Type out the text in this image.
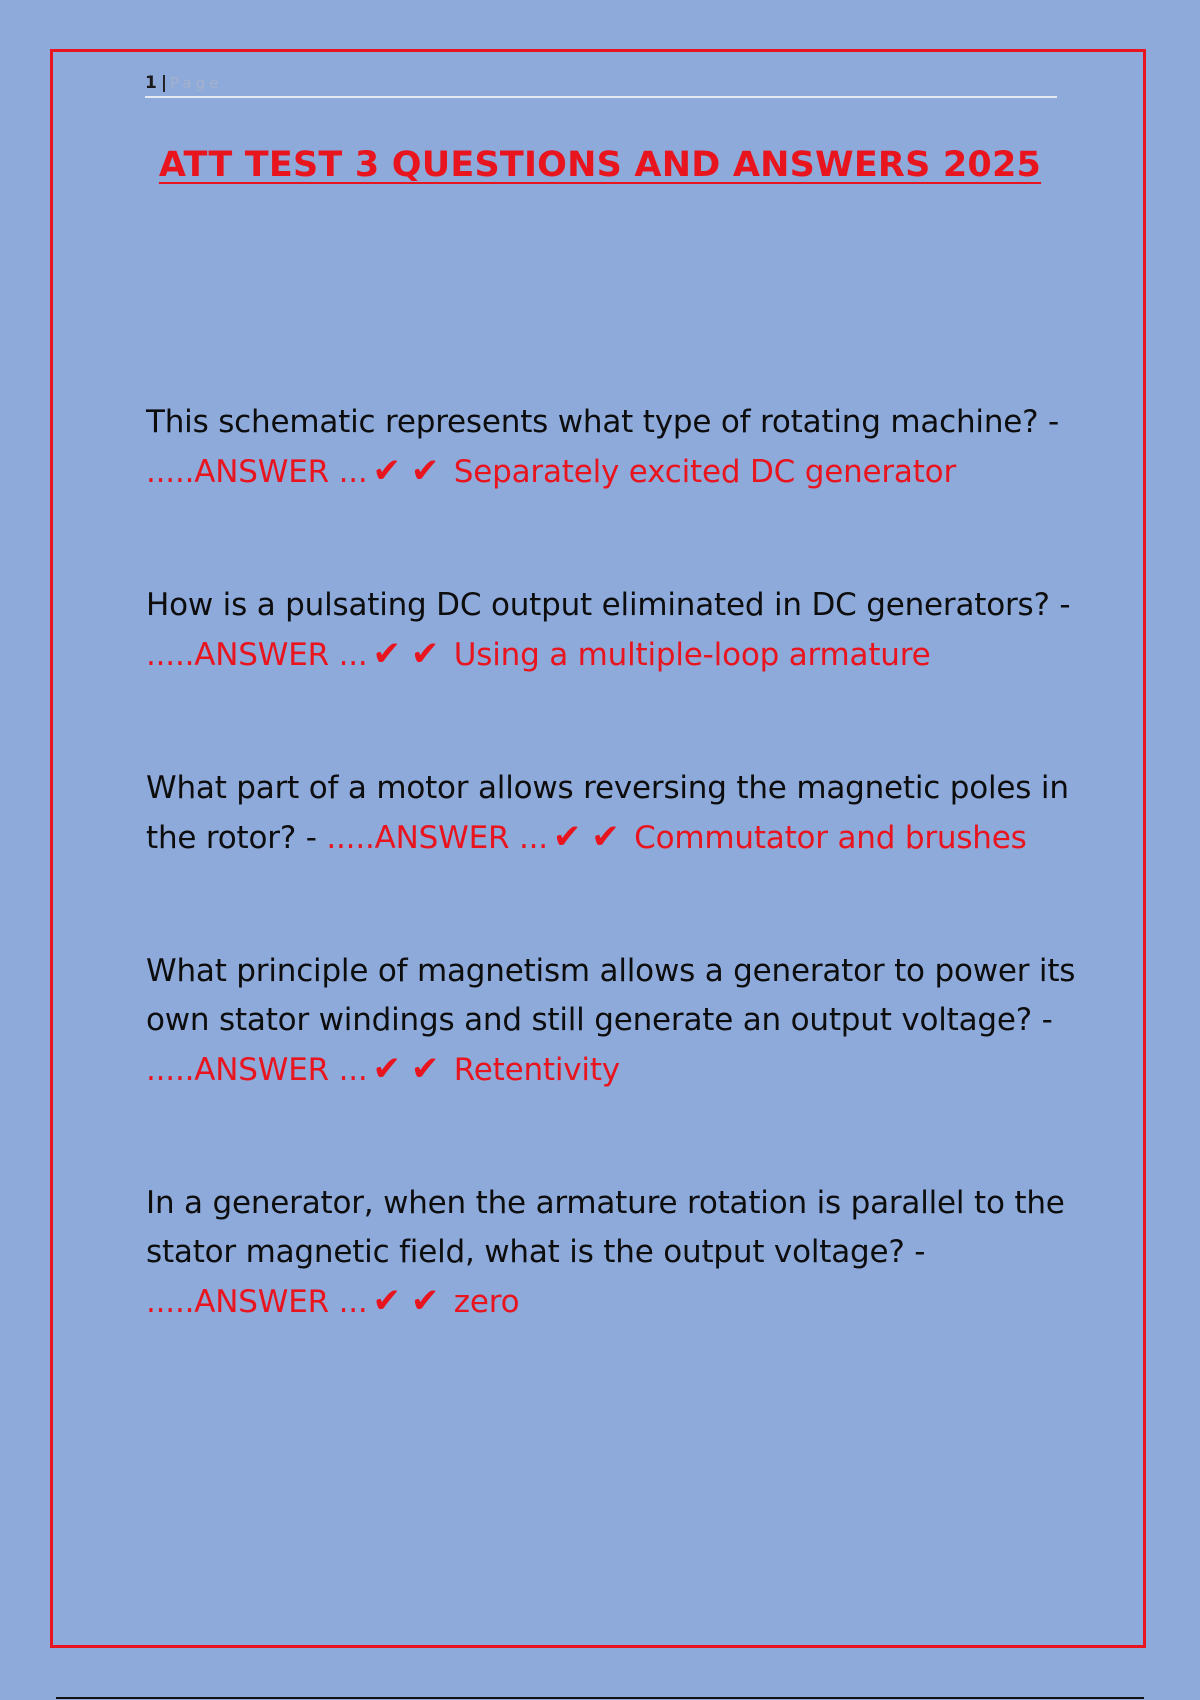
1 | Page
ATT TEST 3 QUESTIONS AND ANSWERS 2025

This schematic represents what type of rotating machine? - .....ANSWER ... ✔ ✔ Separately excited DC generator

How is a pulsating DC output eliminated in DC generators? - .....ANSWER ... ✔ ✔ Using a multiple-loop armature

What part of a motor allows reversing the magnetic poles in the rotor? - .....ANSWER ... ✔ ✔ Commutator and brushes

What principle of magnetism allows a generator to power its own stator windings and still generate an output voltage? - .....ANSWER ... ✔ ✔ Retentivity

In a generator, when the armature rotation is parallel to the stator magnetic field, what is the output voltage? - .....ANSWER ... ✔ ✔ zero
